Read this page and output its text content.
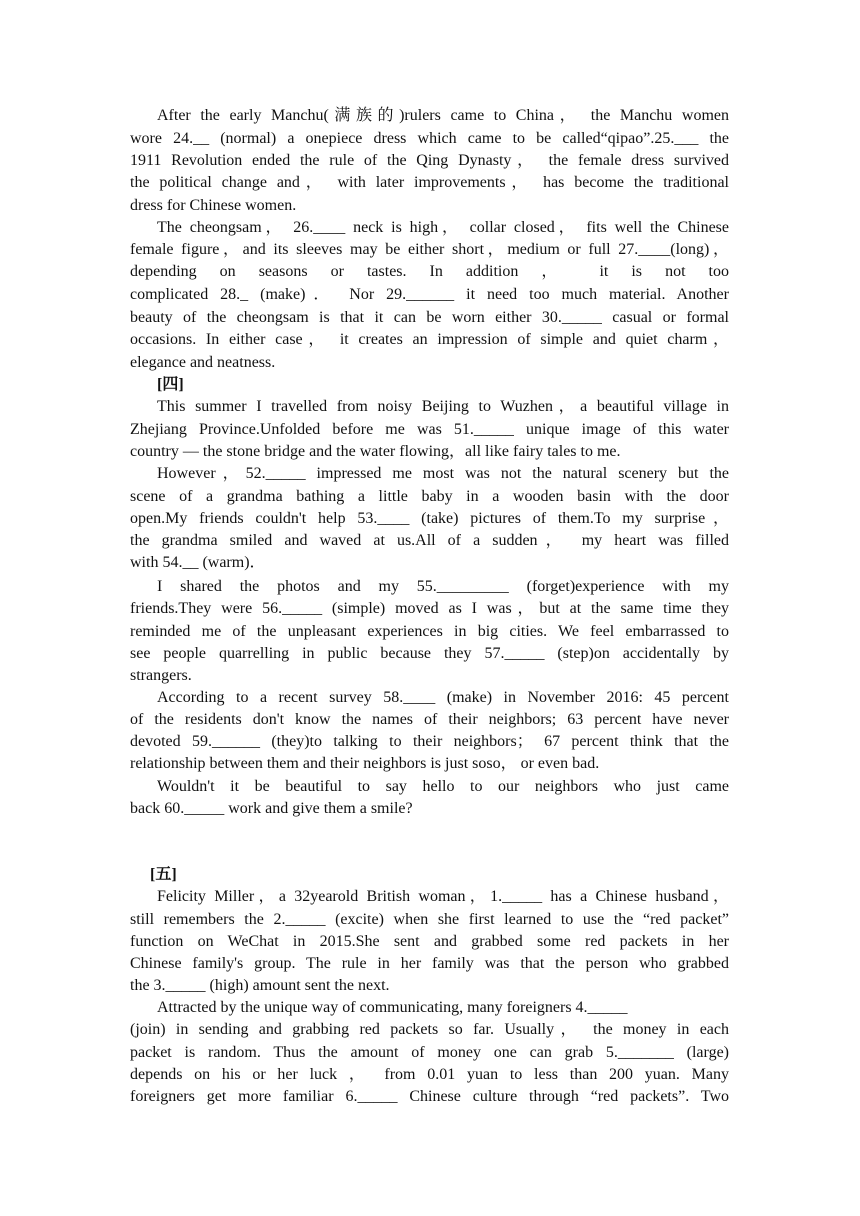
After the early Manchu(满族的)rulers came to China， the Manchu women
wore 24.__ (normal) a onepiece dress which came to be called“qipao”.25.___ the
1911 Revolution ended the rule of the Qing Dynasty， the female dress survived
the political change and， with later improvements， has become the traditional
dress for Chinese women.
The cheongsam， 26.____ neck is high， collar closed， fits well the Chinese
female figure，and its sleeves may be either short，medium or full 27.____(long)，
depending on seasons or tastes. In addition ， it is not too
complicated 28._ (make)． Nor 29.______ it need too much material. Another
beauty of the cheongsam is that it can be worn either 30._____ casual or formal
occasions. In either case， it creates an impression of simple and quiet charm，
elegance and neatness.
[四]
This summer I travelled from noisy Beijing to Wuzhen，a beautiful village in
Zhejiang Province.Unfolded before me was 51._____ unique image of this water
country — the stone bridge and the water flowing，all like fairy tales to me.
However，52._____ impressed me most was not the natural scenery but the
scene of a grandma bathing a little baby in a wooden basin with the door
open.My friends couldn't help 53.____ (take) pictures of them.To my surprise，
the grandma smiled and waved at us.All of a sudden， my heart was filled
with 54.__ (warm)．
I shared the photos and my 55._________ (forget)experience with my
friends.They were 56._____ (simple) moved as I was，but at the same time they
reminded me of the unpleasant experiences in big cities. We feel embarrassed to
see people quarrelling in public because they 57._____ (step)on accidentally by
strangers.
According to a recent survey 58.____ (make) in November 2016: 45 percent
of the residents don't know the names of their neighbors; 63 percent have never
devoted 59.______ (they)to talking to their neighbors； 67 percent think that the
relationship between them and their neighbors is just soso， or even bad.
Wouldn't it be beautiful to say hello to our neighbors who just came
back 60._____ work and give them a smile?
[五]
Felicity Miller，a 32yearold British woman，1._____ has a Chinese husband，
still remembers the 2._____ (excite) when she first learned to use the “red packet”
function on WeChat in 2015.She sent and grabbed some red packets in her
Chinese family's group. The rule in her family was that the person who grabbed
the 3._____ (high) amount sent the next.
Attracted by the unique way of communicating, many foreigners 4._____
(join) in sending and grabbing red packets so far. Usually， the money in each
packet is random. Thus the amount of money one can grab 5._______ (large)
depends on his or her luck ， from 0.01 yuan to less than 200 yuan. Many
foreigners get more familiar 6._____ Chinese culture through “red packets”. Two
